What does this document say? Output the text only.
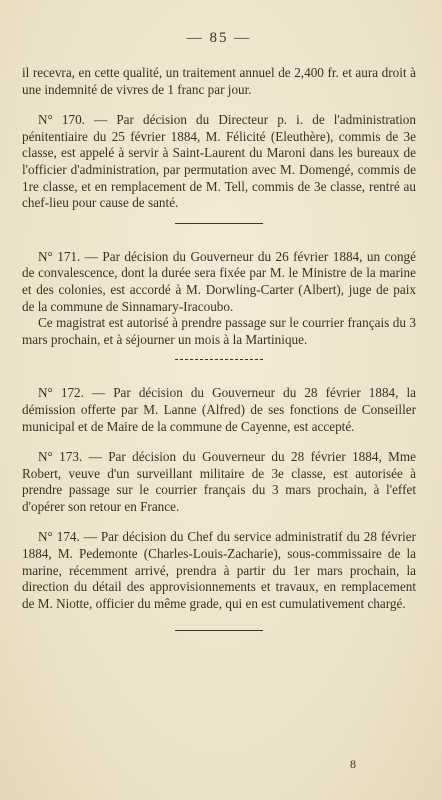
— 85 —

il recevra, en cette qualité, un traitement annuel de 2,400 fr. et aura droit à une indemnité de vivres de 1 franc par jour.

N° 170. — Par décision du Directeur p. i. de l'administration pénitentiaire du 25 février 1884, M. Félicité (Eleuthère), commis de 3e classe, est appelé à servir à Saint-Laurent du Maroni dans les bureaux de l'officier d'administration, par permutation avec M. Domengé, commis de 1re classe, et en remplacement de M. Tell, commis de 3e classe, rentré au chef-lieu pour cause de santé.

N° 171. — Par décision du Gouverneur du 26 février 1884, un congé de convalescence, dont la durée sera fixée par M. le Ministre de la marine et des colonies, est accordé à M. Dorwling-Carter (Albert), juge de paix de la commune de Sinnamary-Iracoubo.

Ce magistrat est autorisé à prendre passage sur le courrier français du 3 mars prochain, et à séjourner un mois à la Martinique.

N° 172. — Par décision du Gouverneur du 28 février 1884, la démission offerte par M. Lanne (Alfred) de ses fonctions de Conseiller municipal et de Maire de la commune de Cayenne, est accepté.

N° 173. — Par décision du Gouverneur du 28 février 1884, Mme Robert, veuve d'un surveillant militaire de 3e classe, est autorisée à prendre passage sur le courrier français du 3 mars prochain, à l'effet d'opérer son retour en France.

N° 174. — Par décision du Chef du service administratif du 28 février 1884, M. Pedemonte (Charles-Louis-Zacharie), sous-commissaire de la marine, récemment arrivé, prendra à partir du 1er mars prochain, la direction du détail des approvisionnements et travaux, en remplacement de M. Niotte, officier du même grade, qui en est cumulativement chargé.

8
